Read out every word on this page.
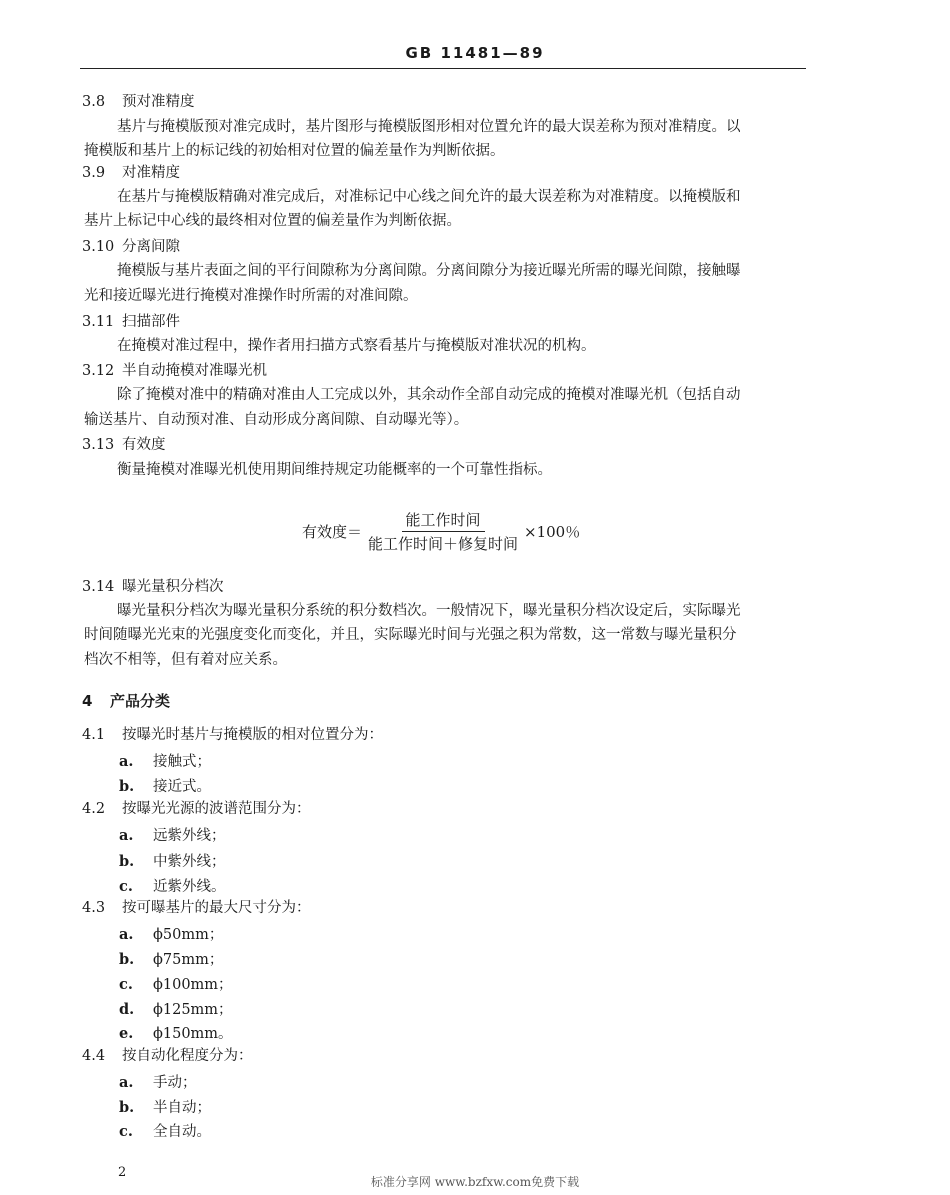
GB 11481—89
3.8 预对准精度
基片与掩模版预对准完成时，基片图形与掩模版图形相对位置允许的最大误差称为预对准精度。以
掩模版和基片上的标记线的初始相对位置的偏差量作为判断依据。
3.9 对准精度
在基片与掩模版精确对准完成后，对准标记中心线之间允许的最大误差称为对准精度。以掩模版和
基片上标记中心线的最终相对位置的偏差量作为判断依据。
3.10 分离间隙
掩模版与基片表面之间的平行间隙称为分离间隙。分离间隙分为接近曝光所需的曝光间隙，接触曝
光和接近曝光进行掩模对准操作时所需的对准间隙。
3.11 扫描部件
在掩模对准过程中，操作者用扫描方式察看基片与掩模版对准状况的机构。
3.12 半自动掩模对准曝光机
除了掩模对准中的精确对准由人工完成以外，其余动作全部自动完成的掩模对准曝光机（包括自动
输送基片、自动预对准、自动形成分离间隙、自动曝光等）。
3.13 有效度
衡量掩模对准曝光机使用期间维持规定功能概率的一个可靠性指标。
有效度＝ $\frac{\text{能工作时间}}{\text{能工作时间＋修复时间}} \times 100$％
3.14 曝光量积分档次
曝光量积分档次为曝光量积分系统的积分数档次。一般情况下，曝光量积分档次设定后，实际曝光
时间随曝光光束的光强度变化而变化，并且，实际曝光时间与光强之积为常数，这一常数与曝光量积分
档次不相等，但有着对应关系。
4 产品分类
4.1 按曝光时基片与掩模版的相对位置分为：
a. 接触式；
b. 接近式。
4.2 按曝光光源的波谱范围分为：
a. 远紫外线；
b. 中紫外线；
c. 近紫外线。
4.3 按可曝基片的最大尺寸分为：
a. ϕ50mm；
b. ϕ75mm；
c. ϕ100mm；
d. ϕ125mm；
e. ϕ150mm。
4.4 按自动化程度分为：
a. 手动；
b. 半自动；
c. 全自动。
2
标准分享网 www.bzfxw.com免费下载
